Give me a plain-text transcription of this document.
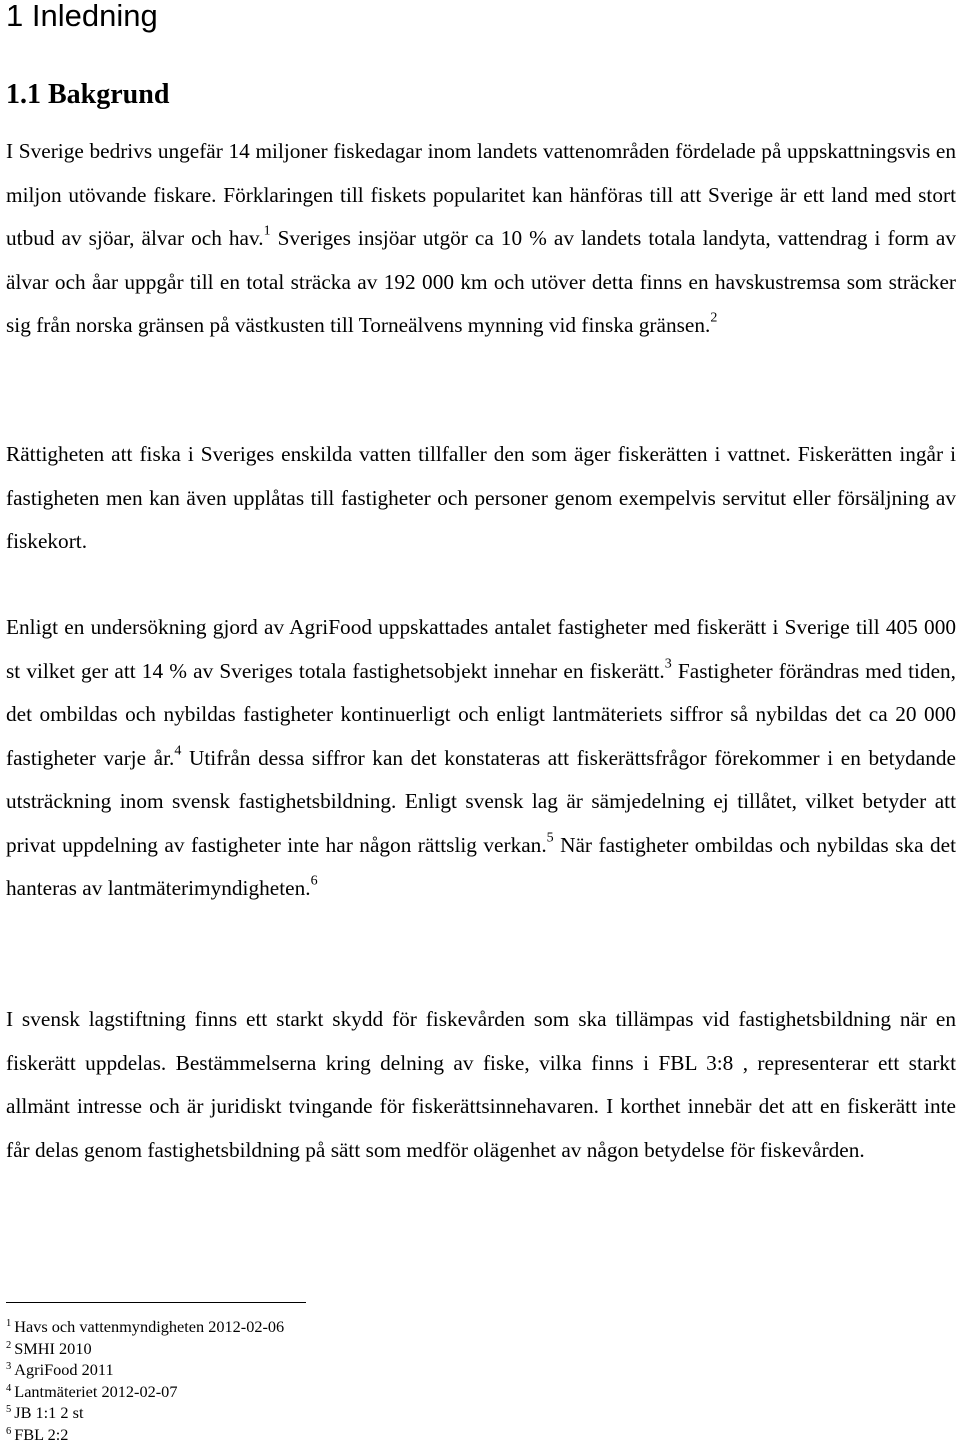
1 Inledning
1.1 Bakgrund

I Sverige bedrivs ungefär 14 miljoner fiskedagar inom landets vattenområden fördelade på uppskattningsvis en miljon utövande fiskare. Förklaringen till fiskets popularitet kan hänföras till att Sverige är ett land med stort utbud av sjöar, älvar och hav.$^1$ Sveriges insjöar utgör ca 10 % av landets totala landyta, vattendrag i form av älvar och åar uppgår till en total sträcka av 192 000 km och utöver detta finns en havskustremsa som sträcker sig från norska gränsen på västkusten till Torneälvens mynning vid finska gränsen.$^2$

Rättigheten att fiska i Sveriges enskilda vatten tillfaller den som äger fiskerätten i vattnet. Fiskerätten ingår i fastigheten men kan även upplåtas till fastigheter och personer genom exempelvis servitut eller försäljning av fiskekort.

Enligt en undersökning gjord av AgriFood uppskattades antalet fastigheter med fiskerätt i Sverige till 405 000 st vilket ger att 14 % av Sveriges totala fastighetsobjekt innehar en fiskerätt.$^3$ Fastigheter förändras med tiden, det ombildas och nybildas fastigheter kontinuerligt och enligt lantmäteriets siffror så nybildas det ca 20 000 fastigheter varje år.$^4$ Utifrån dessa siffror kan det konstateras att fiskerättsfrågor förekommer i en betydande utsträckning inom svensk fastighetsbildning. Enligt svensk lag är sämjedelning ej tillåtet, vilket betyder att privat uppdelning av fastigheter inte har någon rättslig verkan.$^5$ När fastigheter ombildas och nybildas ska det hanteras av lantmäterimyndigheten.$^6$

I svensk lagstiftning finns ett starkt skydd för fiskevården som ska tillämpas vid fastighetsbildning när en fiskerätt uppdelas. Bestämmelserna kring delning av fiske, vilka finns i FBL 3:8 , representerar ett starkt allmänt intresse och är juridiskt tvingande för fiskerättsinnehavaren. I korthet innebär det att en fiskerätt inte får delas genom fastighetsbildning på sätt som medför olägenhet av någon betydelse för fiskevården.

$^1$ Havs och vattenmyndigheten 2012-02-06
$^2$ SMHI 2010
$^3$ AgriFood 2011
$^4$ Lantmäteriet 2012-02-07
$^5$ JB 1:1 2 st
$^6$ FBL 2:2
